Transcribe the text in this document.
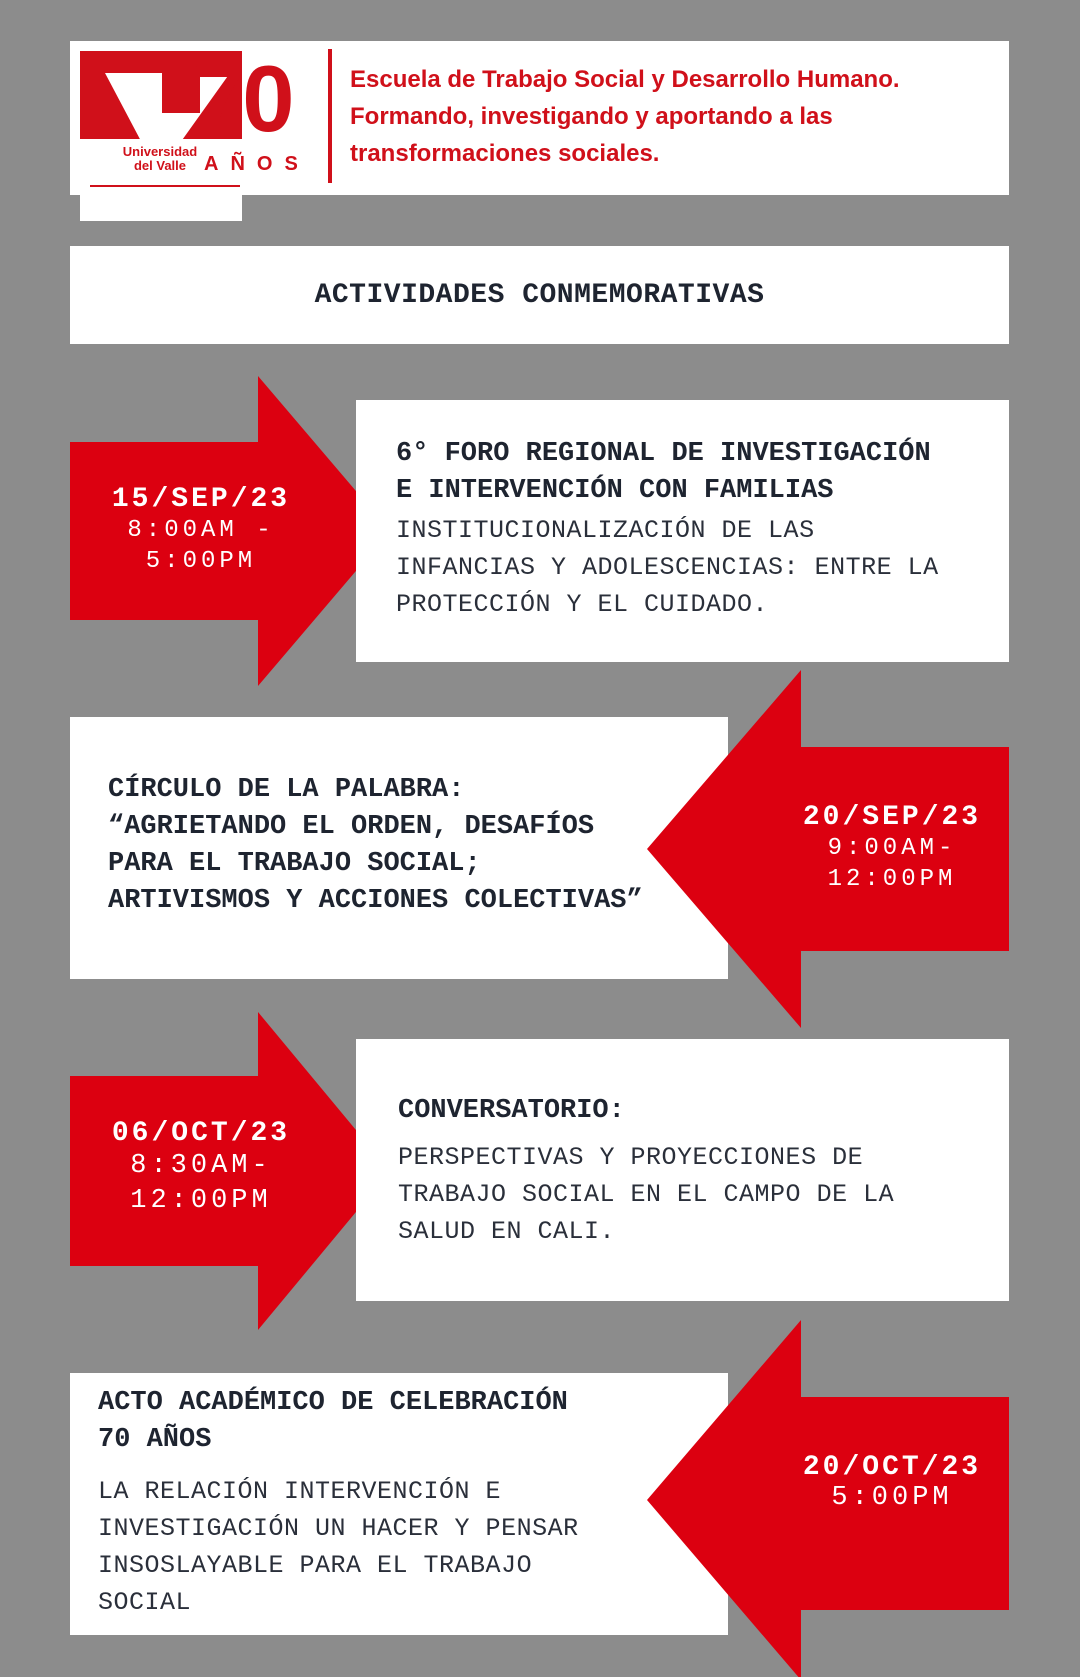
Universidad
del Valle
70
AÑOS
Escuela de Trabajo Social y Desarrollo Humano.
Formando, investigando y aportando a las
transformaciones sociales.
ACTIVIDADES CONMEMORATIVAS
15/SEP/23
8:00AM -
5:00PM
6° FORO REGIONAL DE INVESTIGACIÓN
E INTERVENCIÓN CON FAMILIAS
INSTITUCIONALIZACIÓN DE LAS
INFANCIAS Y ADOLESCENCIAS: ENTRE LA
PROTECCIÓN Y EL CUIDADO.
CÍRCULO DE LA PALABRA:
“AGRIETANDO EL ORDEN, DESAFÍOS
PARA EL TRABAJO SOCIAL;
ARTIVISMOS Y ACCIONES COLECTIVAS”
20/SEP/23
9:00AM-
12:00PM
06/OCT/23
8:30AM-
12:00PM
CONVERSATORIO:
PERSPECTIVAS Y PROYECCIONES DE
TRABAJO SOCIAL EN EL CAMPO DE LA
SALUD EN CALI.
ACTO ACADÉMICO DE CELEBRACIÓN
70 AÑOS
LA RELACIÓN INTERVENCIÓN E
INVESTIGACIÓN UN HACER Y PENSAR
INSOSLAYABLE PARA EL TRABAJO
SOCIAL
20/OCT/23
5:00PM
